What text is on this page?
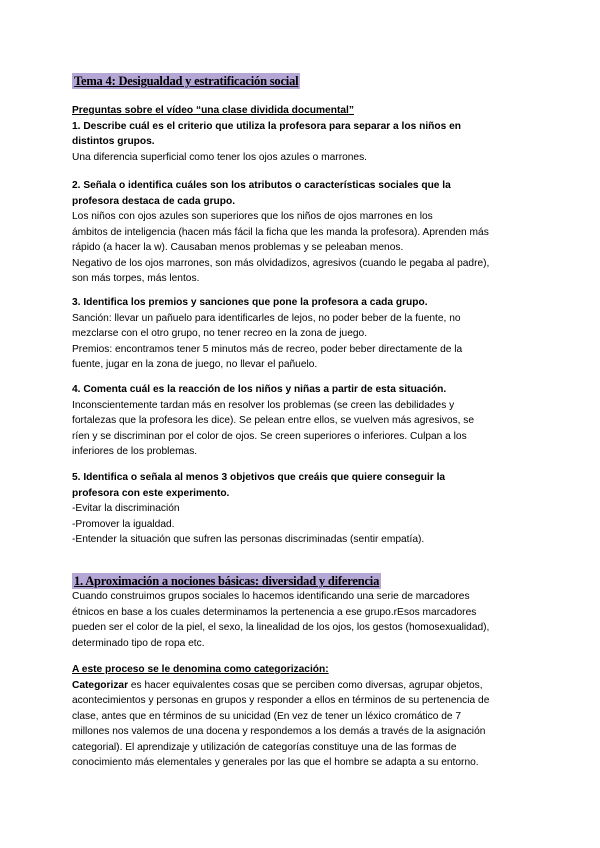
Tema 4: Desigualdad y estratificación social
Preguntas sobre el vídeo “una clase dividida documental”
1. Describe cuál es el criterio que utiliza la profesora para separar a los niños en
distintos grupos.
Una diferencia superficial como tener los ojos azules o marrones.
2. Señala o identifica cuáles son los atributos o características sociales que la
profesora destaca de cada grupo.
Los niños con ojos azules son superiores que los niños de ojos marrones en los
ámbitos de inteligencia (hacen más fácil la ficha que les manda la profesora). Aprenden más
rápido (a hacer la w). Causaban menos problemas y se peleaban menos.
Negativo de los ojos marrones, son más olvidadizos, agresivos (cuando le pegaba al padre),
son más torpes, más lentos.
3. Identifica los premios y sanciones que pone la profesora a cada grupo.
Sanción: llevar un pañuelo para identificarles de lejos, no poder beber de la fuente, no
mezclarse con el otro grupo, no tener recreo en la zona de juego.
Premios: encontramos tener 5 minutos más de recreo, poder beber directamente de la
fuente, jugar en la zona de juego, no llevar el pañuelo.
4. Comenta cuál es la reacción de los niños y niñas a partir de esta situación.
Inconscientemente tardan más en resolver los problemas (se creen las debilidades y
fortalezas que la profesora les dice). Se pelean entre ellos, se vuelven más agresivos, se
ríen y se discriminan por el color de ojos. Se creen superiores o inferiores. Culpan a los
inferiores de los problemas.
5. Identifica o señala al menos 3 objetivos que creáis que quiere conseguir la
profesora con este experimento.
-Evitar la discriminación
-Promover la igualdad.
-Entender la situación que sufren las personas discriminadas (sentir empatía).
1. Aproximación a nociones básicas: diversidad y diferencia
Cuando construimos grupos sociales lo hacemos identificando una serie de marcadores
étnicos en base a los cuales determinamos la pertenencia a ese grupo.rEsos marcadores
pueden ser el color de la piel, el sexo, la linealidad de los ojos, los gestos (homosexualidad),
determinado tipo de ropa etc.
A este proceso se le denomina como categorización:
Categorizar es hacer equivalentes cosas que se perciben como diversas, agrupar objetos,
acontecimientos y personas en grupos y responder a ellos en términos de su pertenencia de
clase, antes que en términos de su unicidad (En vez de tener un léxico cromático de 7
millones nos valemos de una docena y respondemos a los demás a través de la asignación
categorial). El aprendizaje y utilización de categorías constituye una de las formas de
conocimiento más elementales y generales por las que el hombre se adapta a su entorno.
